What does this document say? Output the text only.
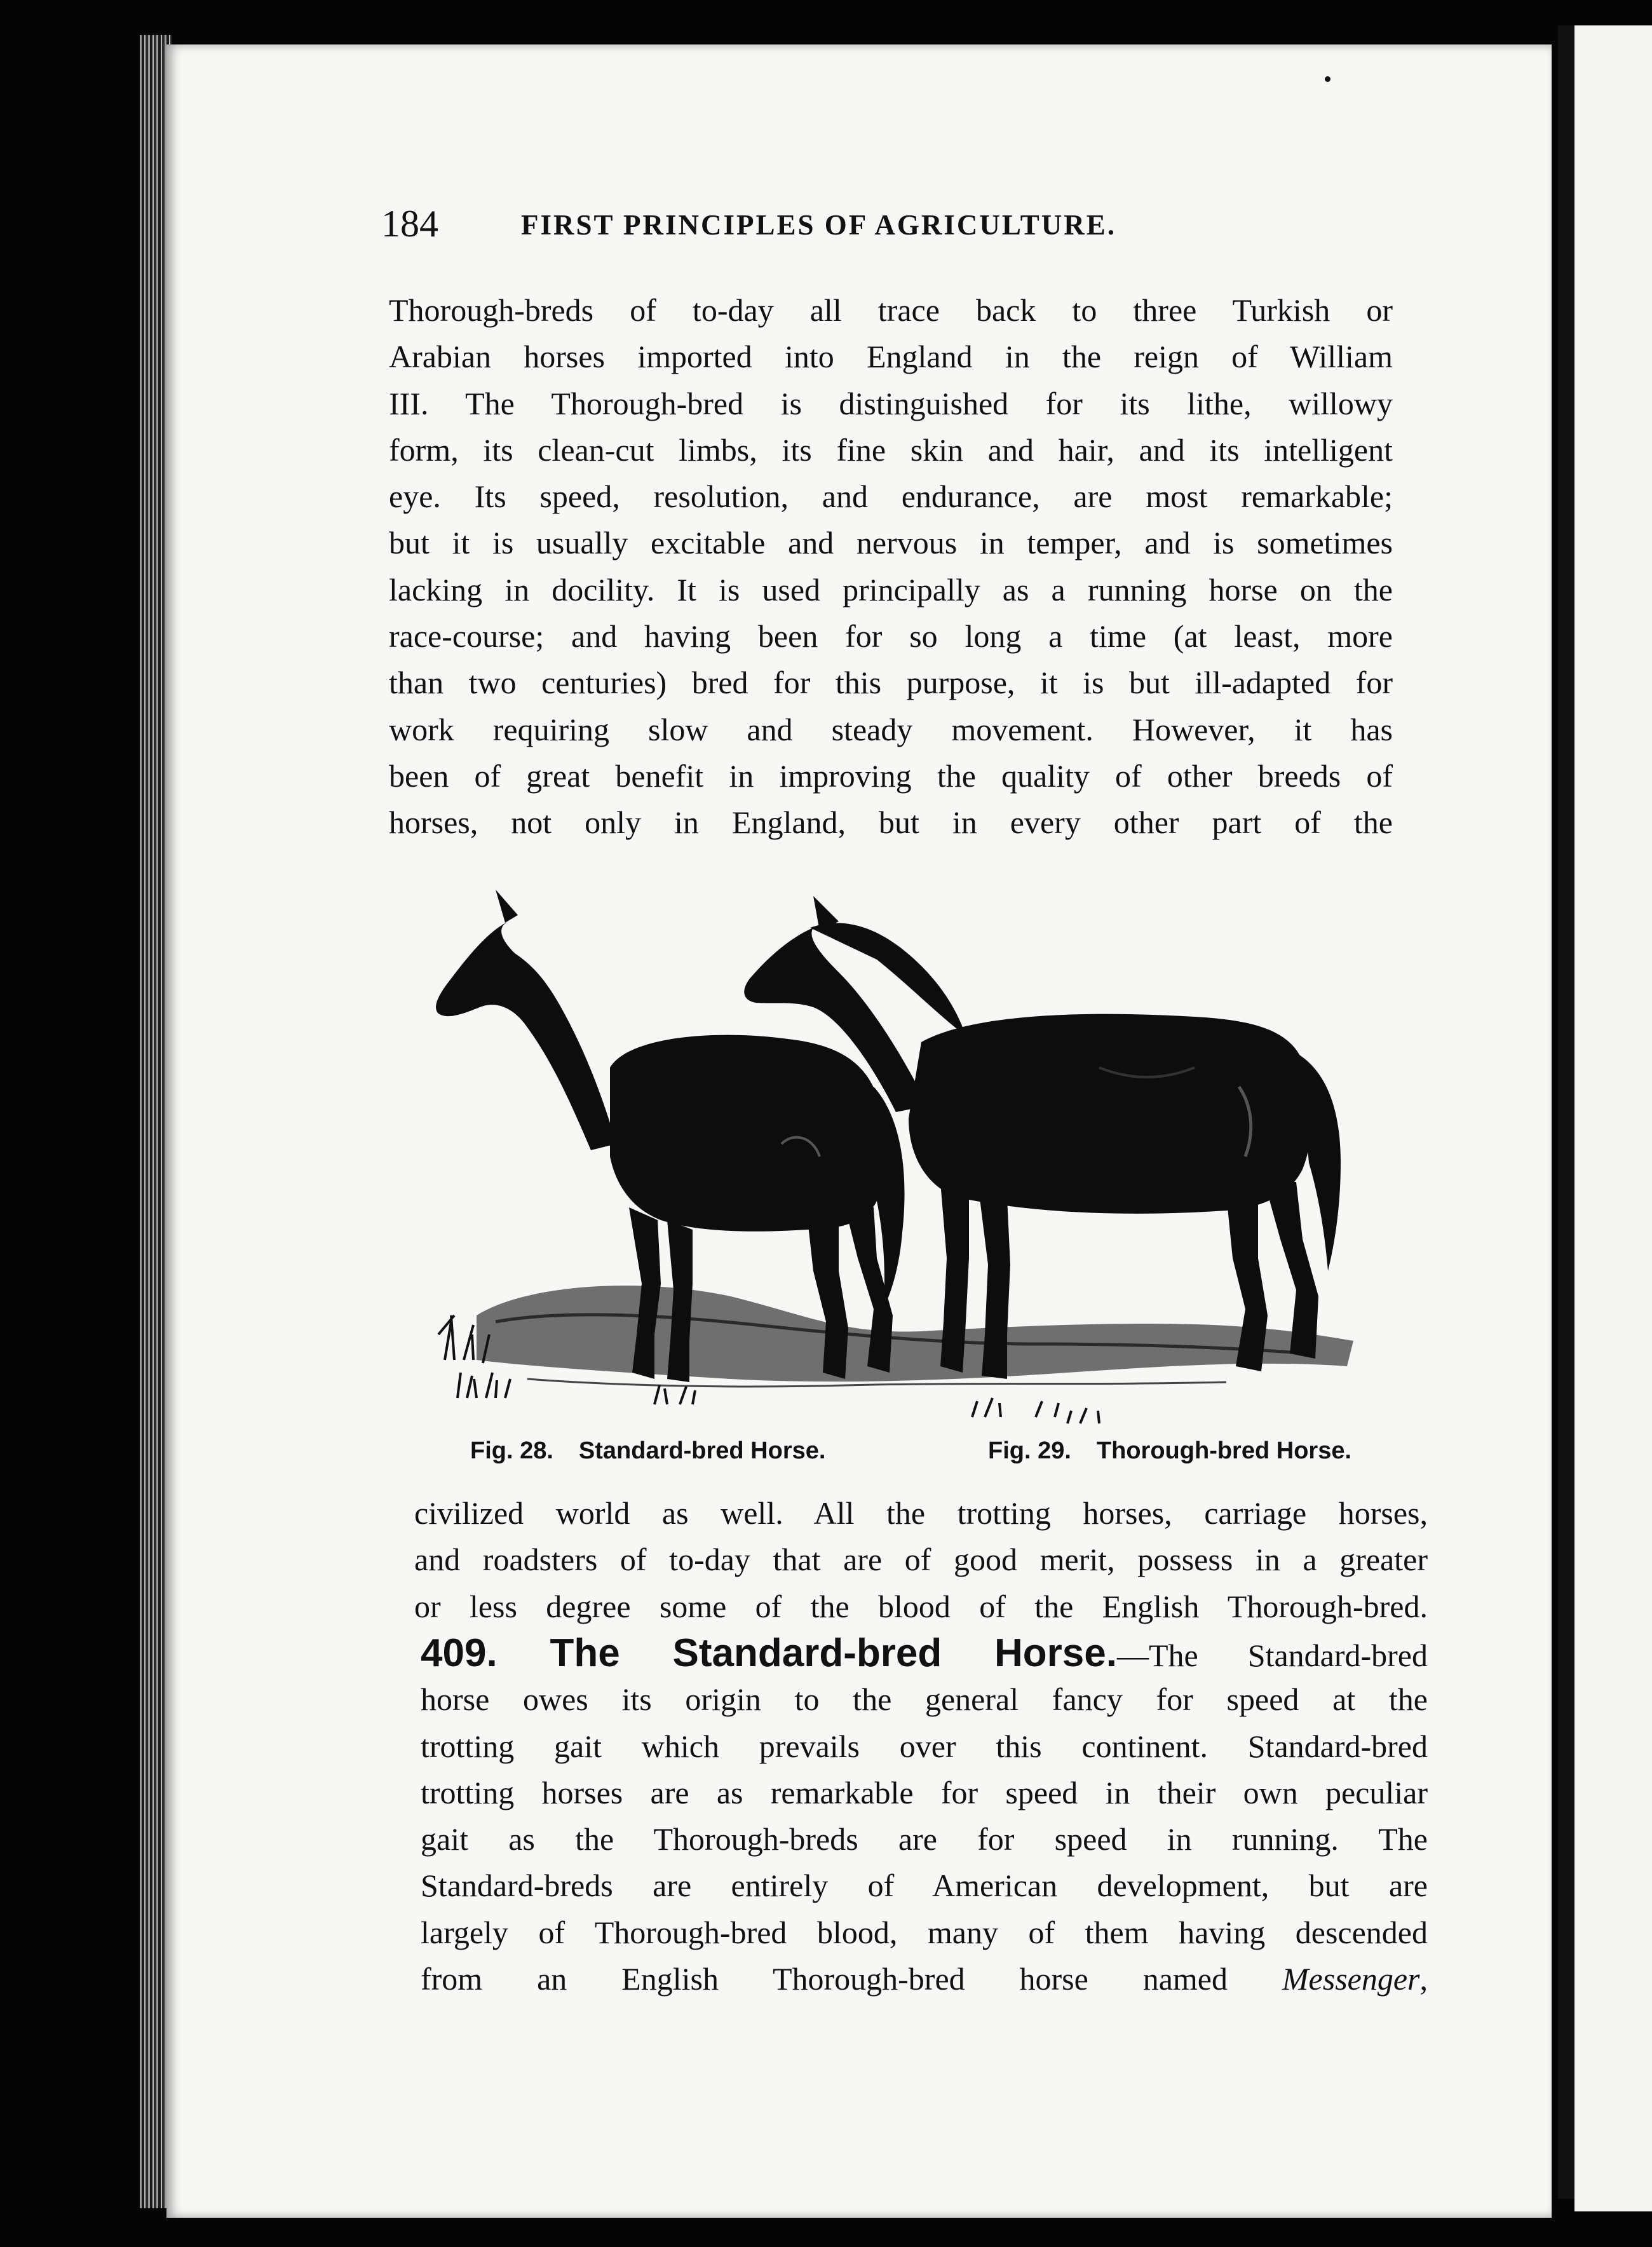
184	FIRST PRINCIPLES OF AGRICULTURE.
Thorough-breds of to-day all trace back to three Turkish or
Arabian horses imported into England in the reign of William
III. The Thorough-bred is distinguished for its lithe, willowy
form, its clean-cut limbs, its fine skin and hair, and its intelligent
eye. Its speed, resolution, and endurance, are most remarkable;
but it is usually excitable and nervous in temper, and is sometimes
lacking in docility. It is used principally as a running horse on the
race-course; and having been for so long a time (at least, more
than two centuries) bred for this purpose, it is but ill-adapted for
work requiring slow and steady movement. However, it has
been of great benefit in improving the quality of other breeds of
horses, not only in England, but in every other part of the
Fig. 28. Standard-bred Horse.	Fig. 29. Thorough-bred Horse.
civilized world as well. All the trotting horses, carriage horses,
and roadsters of to-day that are of good merit, possess in a greater
or less degree some of the blood of the English Thorough-bred.
409. The Standard-bred Horse.—The Standard-bred
horse owes its origin to the general fancy for speed at the
trotting gait which prevails over this continent. Standard-bred
trotting horses are as remarkable for speed in their own peculiar
gait as the Thorough-breds are for speed in running. The
Standard-breds are entirely of American development, but are
largely of Thorough-bred blood, many of them having descended
from an English Thorough-bred horse named Messenger,
